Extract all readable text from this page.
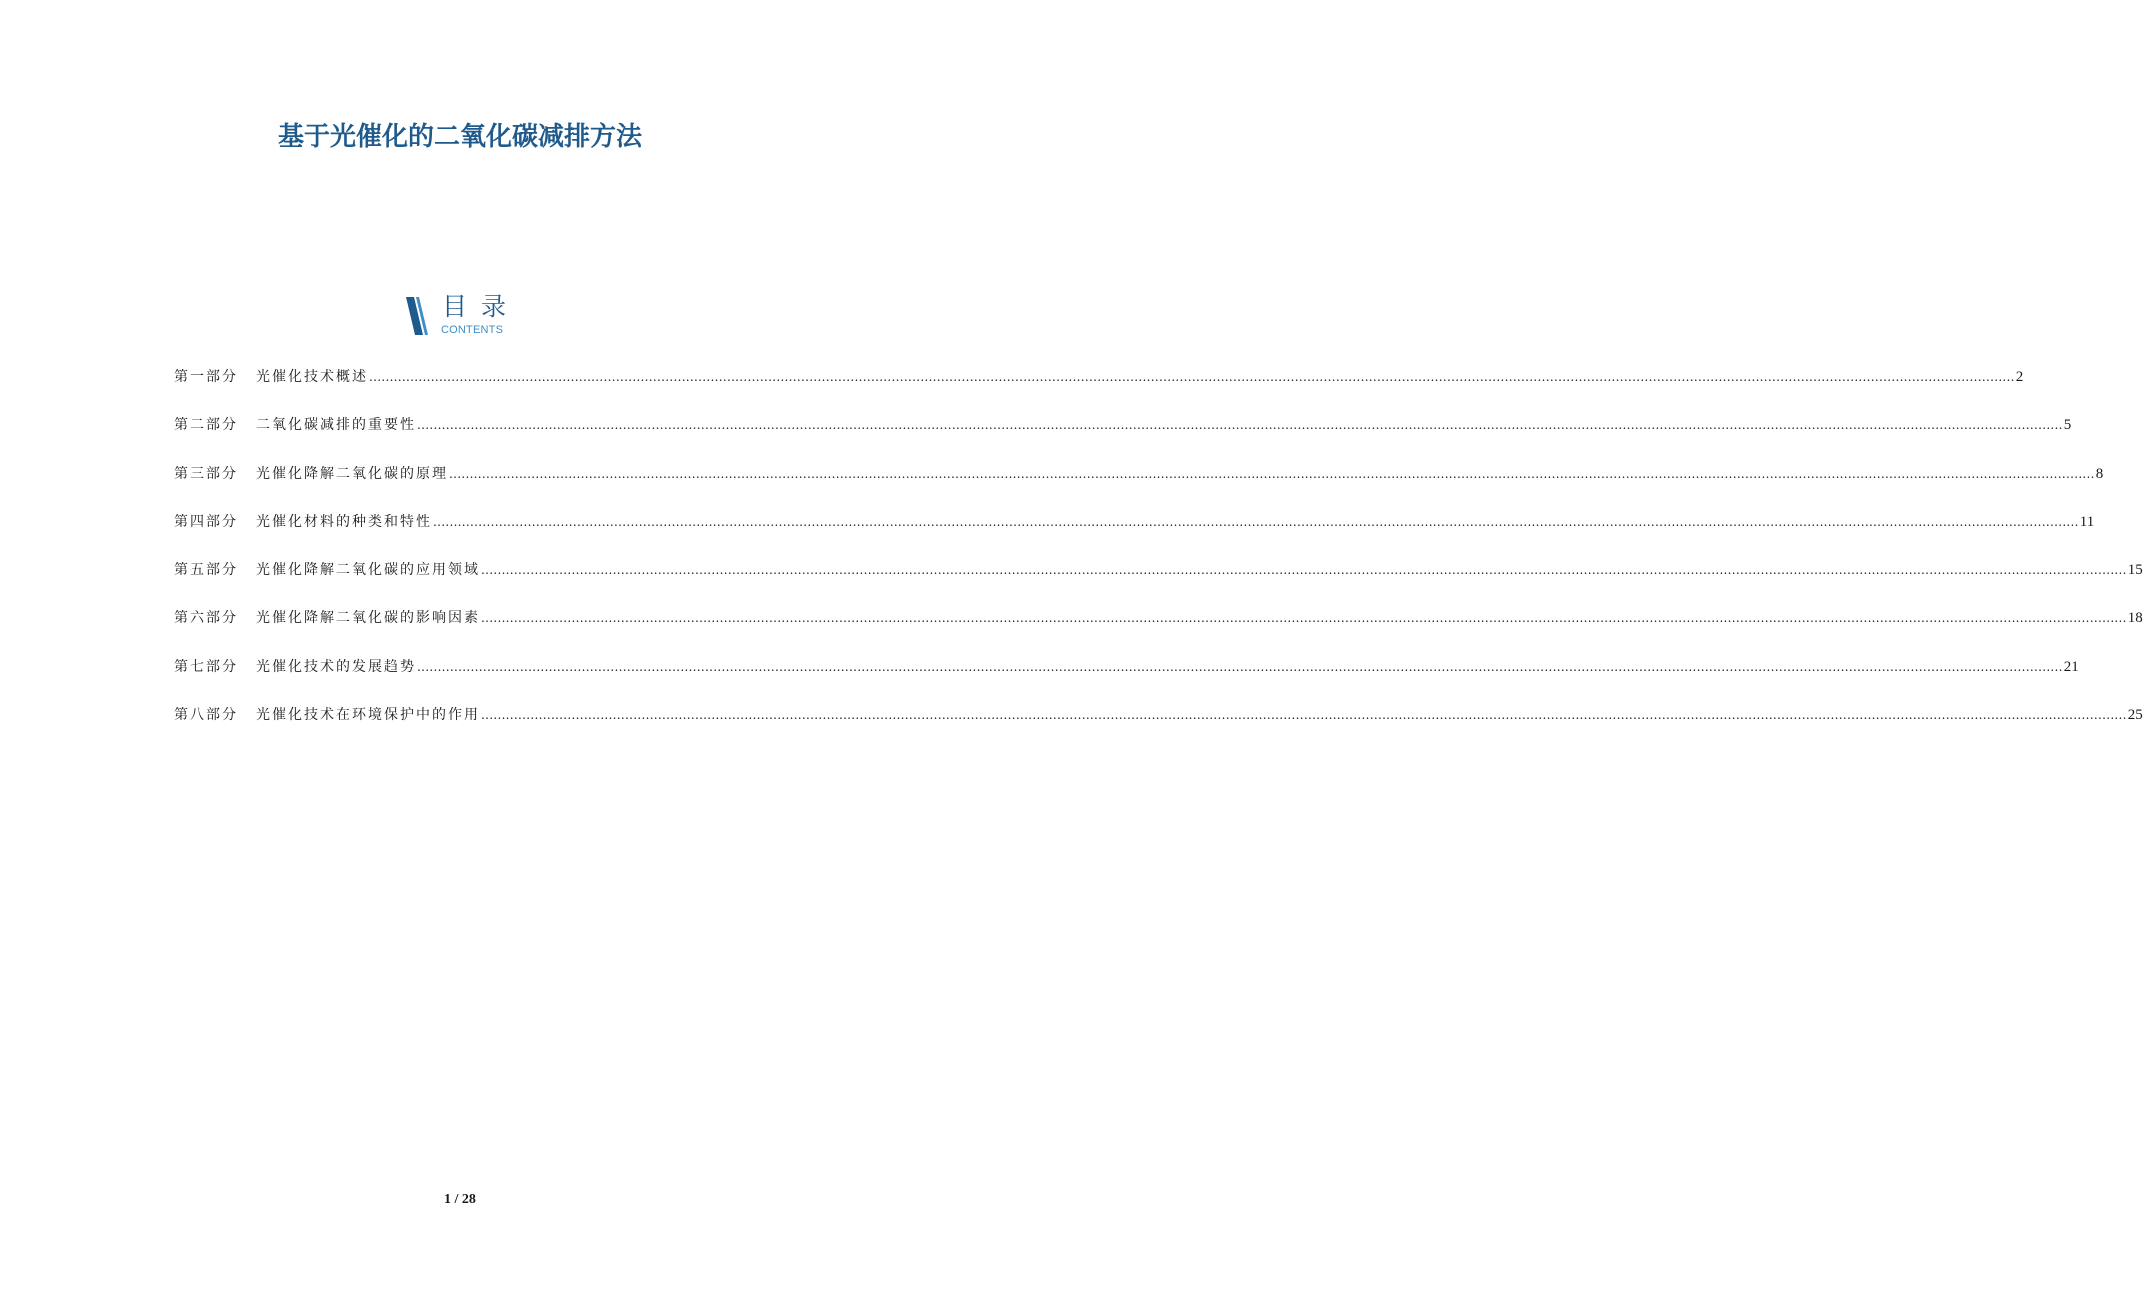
基于光催化的二氧化碳减排方法
目录
CONTENTS
第一部分	光催化技术概述 ................................................................................................................................................................................................................................................................................................................................................................................................................ 2
第二部分	二氧化碳减排的重要性 ................................................................................................................................................................................................................................................................................................................................................................................................................ 5
第三部分	光催化降解二氧化碳的原理 ................................................................................................................................................................................................................................................................................................................................................................................................................ 8
第四部分	光催化材料的种类和特性 ................................................................................................................................................................................................................................................................................................................................................................................................................ 11
第五部分	光催化降解二氧化碳的应用领域 ................................................................................................................................................................................................................................................................................................................................................................................................................ 15
第六部分	光催化降解二氧化碳的影响因素 ................................................................................................................................................................................................................................................................................................................................................................................................................ 18
第七部分	光催化技术的发展趋势 ................................................................................................................................................................................................................................................................................................................................................................................................................ 21
第八部分	光催化技术在环境保护中的作用 ................................................................................................................................................................................................................................................................................................................................................................................................................ 25
1 / 28
